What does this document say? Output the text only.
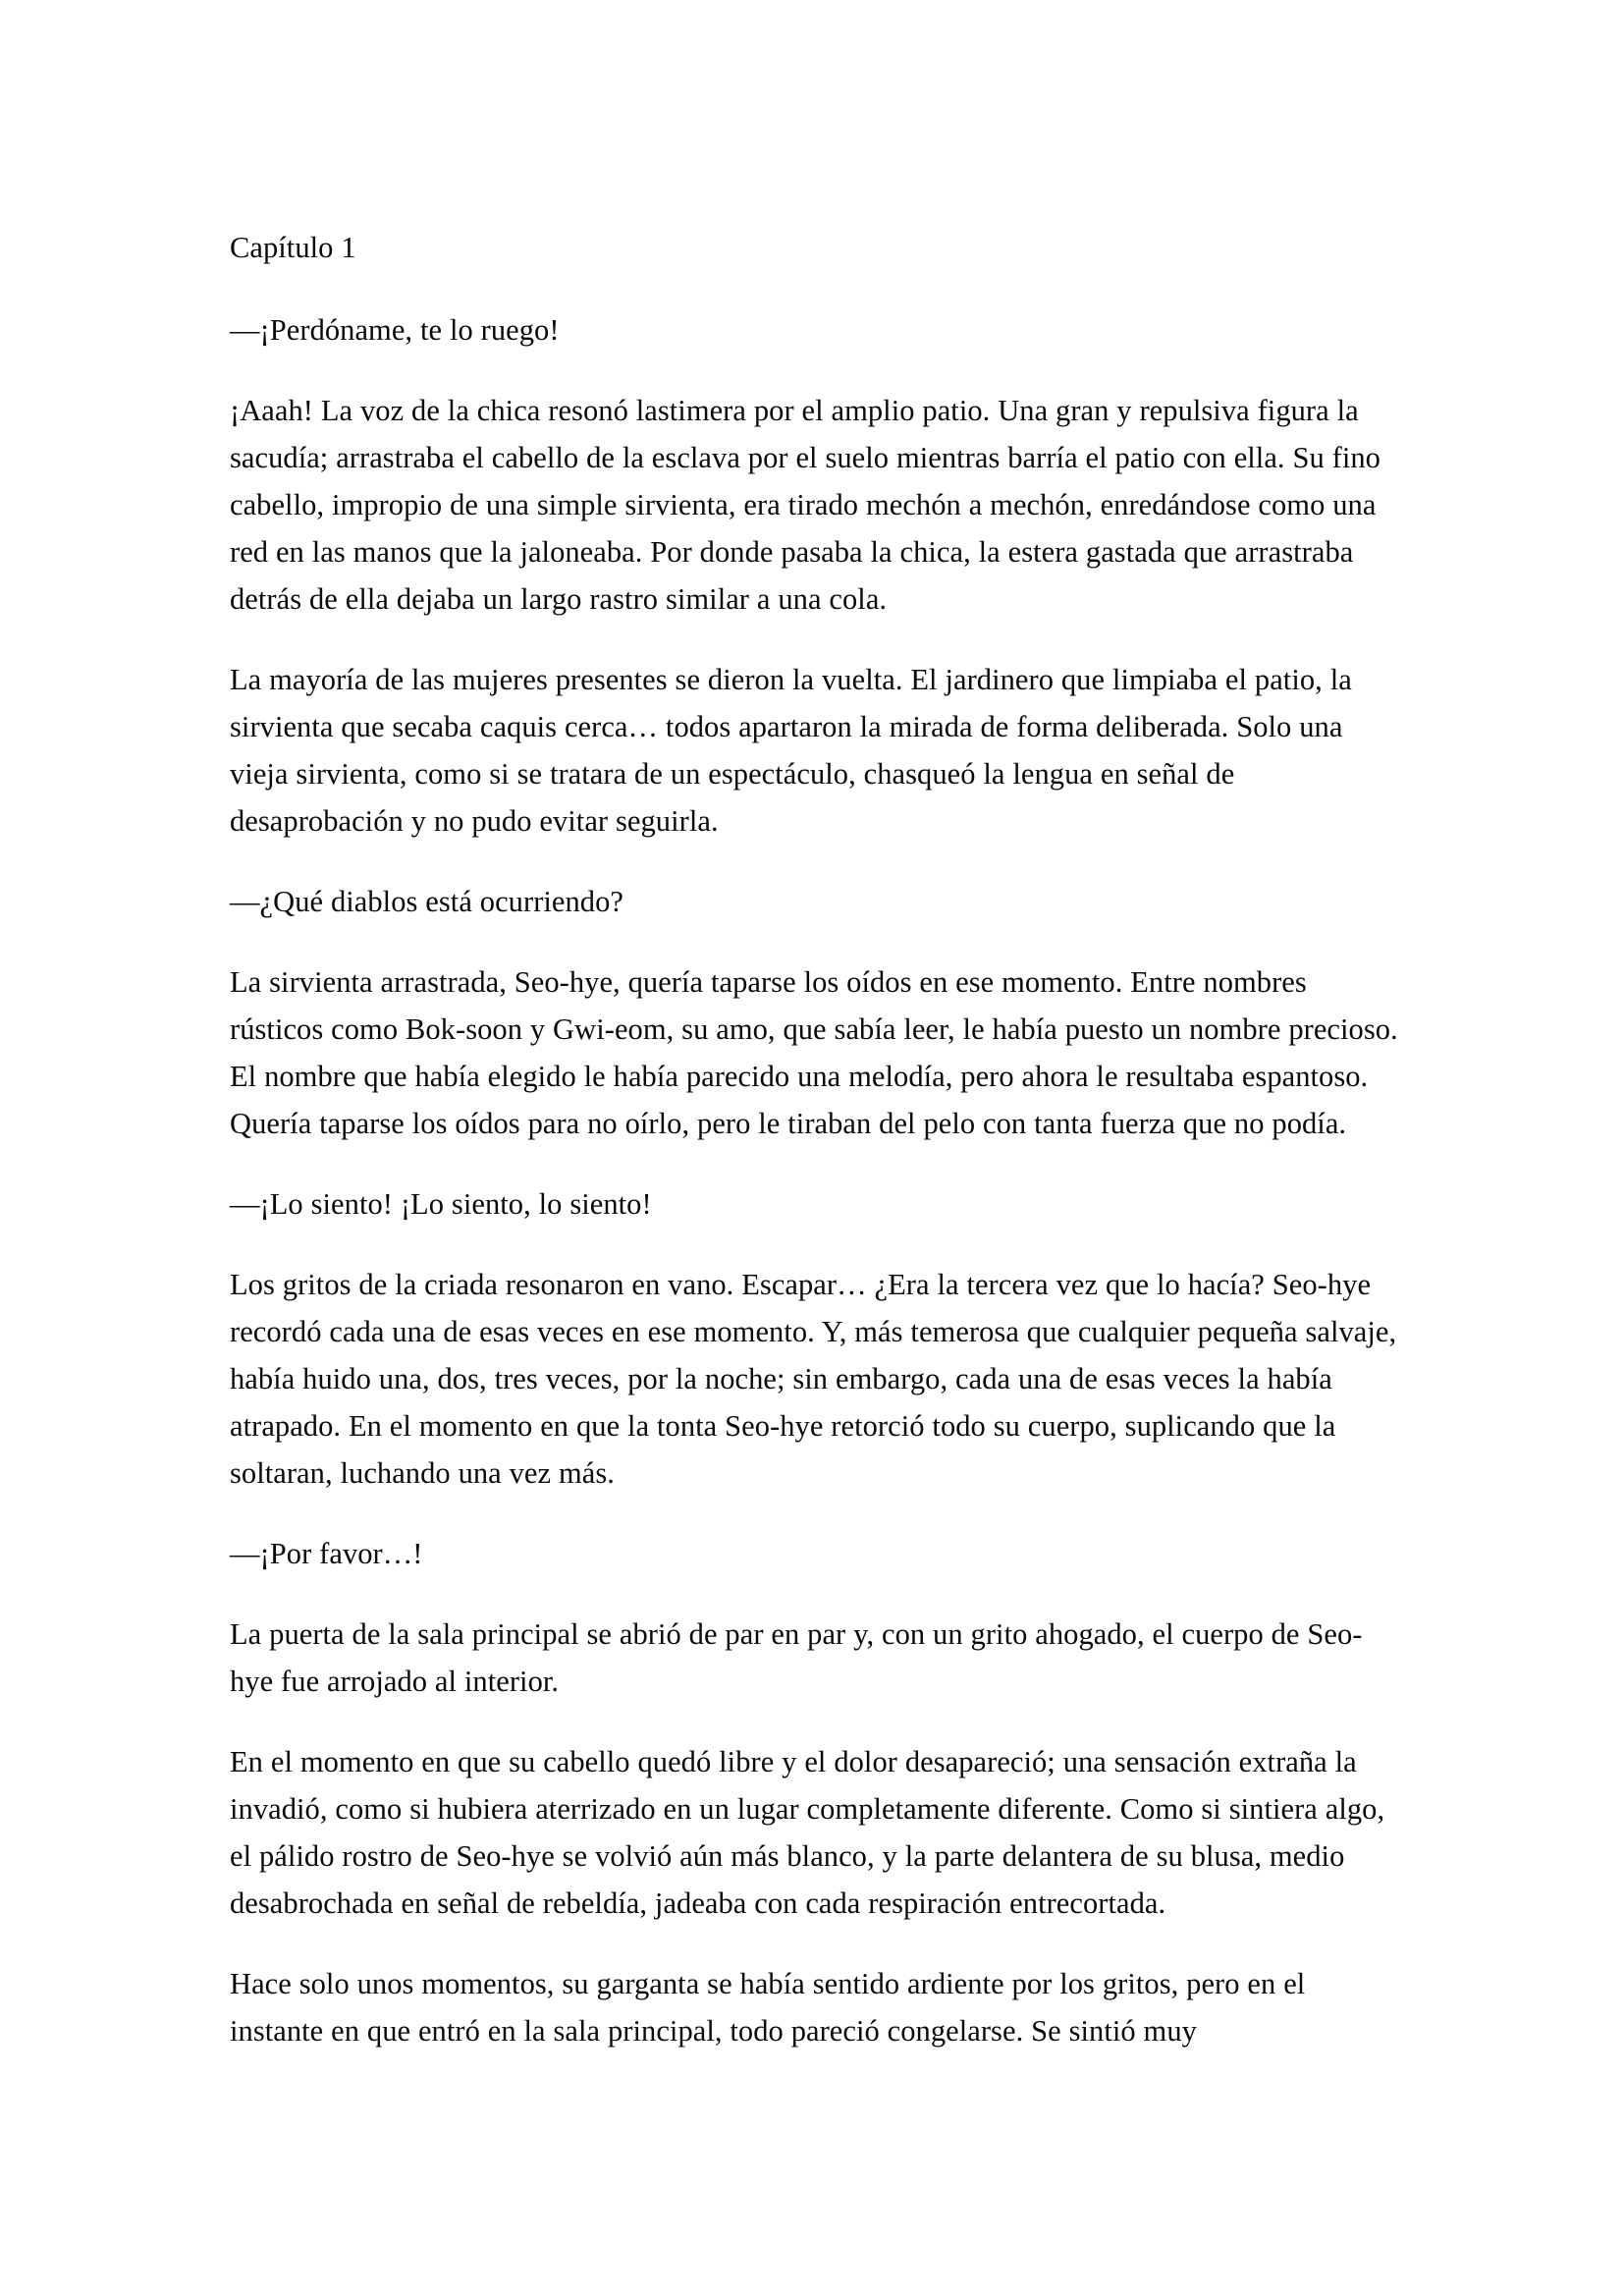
Capítulo 1

—¡Perdóname, te lo ruego!

¡Aaah! La voz de la chica resonó lastimera por el amplio patio. Una gran y repulsiva figura la sacudía; arrastraba el cabello de la esclava por el suelo mientras barría el patio con ella. Su fino cabello, impropio de una simple sirvienta, era tirado mechón a mechón, enredándose como una red en las manos que la jaloneaba. Por donde pasaba la chica, la estera gastada que arrastraba detrás de ella dejaba un largo rastro similar a una cola.

La mayoría de las mujeres presentes se dieron la vuelta. El jardinero que limpiaba el patio, la sirvienta que secaba caquis cerca… todos apartaron la mirada de forma deliberada. Solo una vieja sirvienta, como si se tratara de un espectáculo, chasqueó la lengua en señal de desaprobación y no pudo evitar seguirla.

—¿Qué diablos está ocurriendo?

La sirvienta arrastrada, Seo-hye, quería taparse los oídos en ese momento. Entre nombres rústicos como Bok-soon y Gwi-eom, su amo, que sabía leer, le había puesto un nombre precioso. El nombre que había elegido le había parecido una melodía, pero ahora le resultaba espantoso. Quería taparse los oídos para no oírlo, pero le tiraban del pelo con tanta fuerza que no podía.

—¡Lo siento! ¡Lo siento, lo siento!

Los gritos de la criada resonaron en vano. Escapar… ¿Era la tercera vez que lo hacía? Seo-hye recordó cada una de esas veces en ese momento. Y, más temerosa que cualquier pequeña salvaje, había huido una, dos, tres veces, por la noche; sin embargo, cada una de esas veces la había atrapado. En el momento en que la tonta Seo-hye retorció todo su cuerpo, suplicando que la soltaran, luchando una vez más.

—¡Por favor…!

La puerta de la sala principal se abrió de par en par y, con un grito ahogado, el cuerpo de Seo-hye fue arrojado al interior.

En el momento en que su cabello quedó libre y el dolor desapareció; una sensación extraña la invadió, como si hubiera aterrizado en un lugar completamente diferente. Como si sintiera algo, el pálido rostro de Seo-hye se volvió aún más blanco, y la parte delantera de su blusa, medio desabrochada en señal de rebeldía, jadeaba con cada respiración entrecortada.

Hace solo unos momentos, su garganta se había sentido ardiente por los gritos, pero en el instante en que entró en la sala principal, todo pareció congelarse. Se sintió muy
